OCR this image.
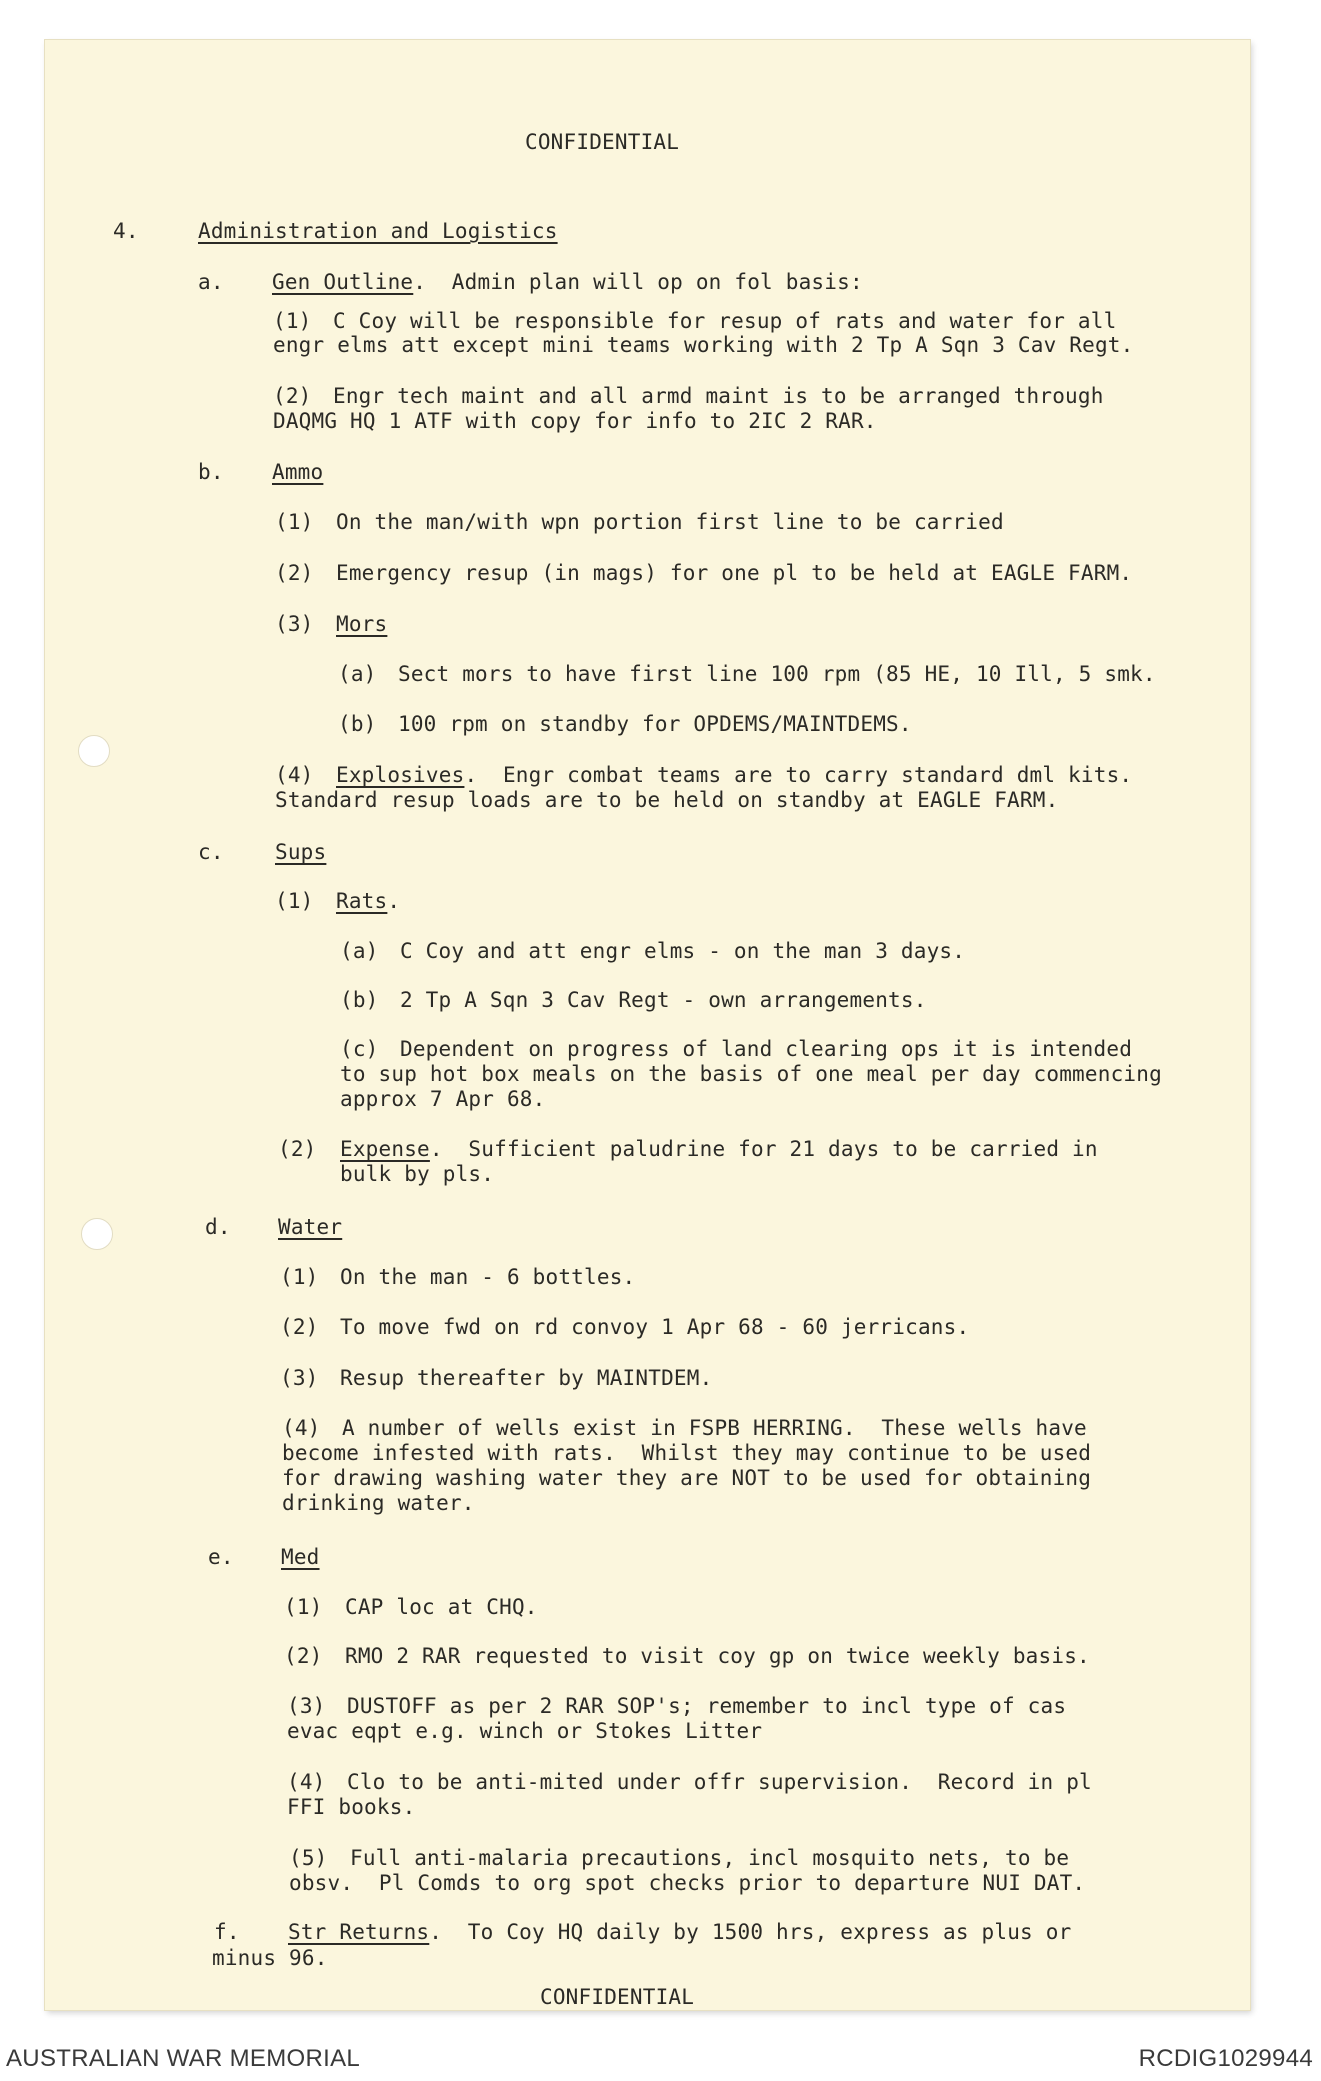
CONFIDENTIAL
4.	Administration and Logistics
a. Gen Outline.  Admin plan will op on fol basis:
(1) C Coy will be responsible for resup of rats and water for all
engr elms att except mini teams working with 2 Tp A Sqn 3 Cav Regt.
(2) Engr tech maint and all armd maint is to be arranged through
DAQMG HQ 1 ATF with copy for info to 2IC 2 RAR.
b. Ammo
(1) On the man/with wpn portion first line to be carried
(2) Emergency resup (in mags) for one pl to be held at EAGLE FARM.
(3) Mors
(a) Sect mors to have first line 100 rpm (85 HE, 10 Ill, 5 smk.
(b) 100 rpm on standby for OPDEMS/MAINTDEMS.
(4) Explosives.  Engr combat teams are to carry standard dml kits.
Standard resup loads are to be held on standby at EAGLE FARM.
c. Sups
(1) Rats.
(a) C Coy and att engr elms - on the man 3 days.
(b) 2 Tp A Sqn 3 Cav Regt - own arrangements.
(c) Dependent on progress of land clearing ops it is intended
to sup hot box meals on the basis of one meal per day commencing
approx 7 Apr 68.
(2) Expense.  Sufficient paludrine for 21 days to be carried in
bulk by pls.
d. Water
(1) On the man - 6 bottles.
(2) To move fwd on rd convoy 1 Apr 68 - 60 jerricans.
(3) Resup thereafter by MAINTDEM.
(4) A number of wells exist in FSPB HERRING.  These wells have
become infested with rats.  Whilst they may continue to be used
for drawing washing water they are NOT to be used for obtaining
drinking water.
e. Med
(1) CAP loc at CHQ.
(2) RMO 2 RAR requested to visit coy gp on twice weekly basis.
(3) DUSTOFF as per 2 RAR SOP's; remember to incl type of cas
evac eqpt e.g. winch or Stokes Litter
(4) Clo to be anti-mited under offr supervision.  Record in pl
FFI books.
(5) Full anti-malaria precautions, incl mosquito nets, to be
obsv.  Pl Comds to org spot checks prior to departure NUI DAT.
f. Str Returns.  To Coy HQ daily by 1500 hrs, express as plus or
minus 96.
CONFIDENTIAL
AUSTRALIAN WAR MEMORIAL	RCDIG1029944
